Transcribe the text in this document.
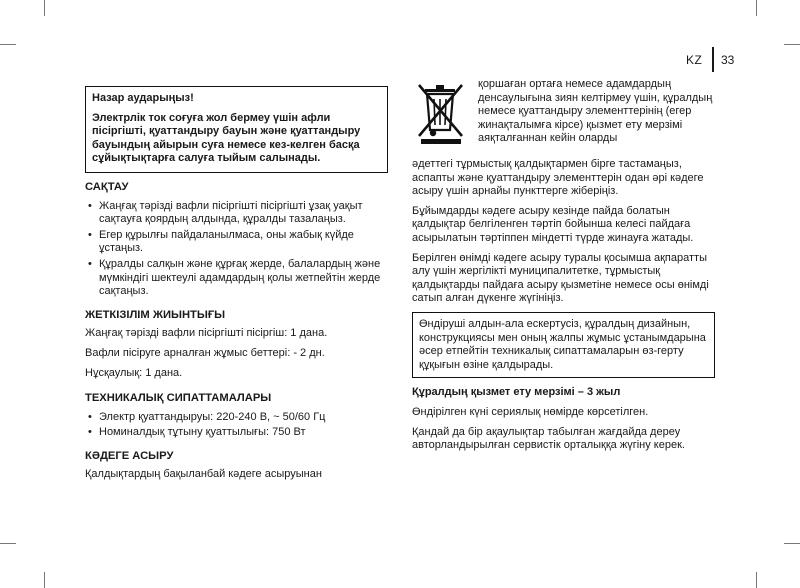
KZ 33
Назар аударыңыз!
Электрлік ток соғуға жол бермеу үшін афли пісіргішті, қуаттандыру бауын және қуаттандыру бауындың айырын суға немесе кез-келген басқа сұйықтықтарға салуға тыйым салынады.
САҚТАУ
• Жаңғақ тәрізді вафли пісіргішті пісіргішті ұзақ уақыт сақтауға қоярдың алдында, құралды тазалаңыз.
• Егер құрылғы пайдаланылмаса, оны жабық күйде ұстаңыз.
• Құралды салқын және құрғақ жерде, балалардың және мүмкіндігі шектеулі адамдардың қолы жетпейтін жерде сақтаңыз.
ЖЕТКІЗІЛІМ ЖИЫНТЫҒЫ

Жаңғақ тәрізді вафли пісіргішті пісіргіш: 1 дана.

Вафли пісіруге арналған жұмыс беттері: - 2 дн.

Нұсқаулық: 1 дана.

ТЕХНИКАЛЫҚ СИПАТТАМАЛАРЫ
• Электр қуаттандыруы: 220-240 В, ~ 50/60 Гц
• Номиналдық тұтыну қуаттылығы: 750 Вт
КӘДЕГЕ АСЫРУ

Қалдықтардың бақыланбай кәдеге асыруынан

қоршаған ортаға немесе адамдардың денсаулығына зиян келтірмеу үшін, құралдың немесе қуаттандыру элементтерінің (егер жинақталымға кірсе) қызмет ету мерзімі аяқталғаннан кейін оларды

әдеттегі тұрмыстық қалдықтармен бірге тастамаңыз, аспапты және қуаттандыру элементтерін одан әрі кәдеге асыру үшін арнайы пункттерге жіберіңіз.

Бұйымдарды кәдеге асыру кезінде пайда болатын қалдықтар белгіленген тәртіп бойынша келесі пайдаға асырылатын тәртіппен міндетті түрде жинауға жатады.

Берілген өнімді кәдеге асыру туралы қосымша ақпаратты алу үшін жергілікті муниципалитетке, тұрмыстық қалдықтарды пайдаға асыру қызметіне немесе осы өнімді сатып алған дүкенге жүгініңіз.

Өндіруші алдын-ала ескертусіз, құралдың дизайнын, конструкциясы мен оның жалпы жұмыс ұстанымдарына әсер етпейтін техникалық сипаттамаларын өз-герту құқығын өзіне қалдырады.

Құралдың қызмет ету мерзімі – 3 жыл

Өндірілген күні сериялық нөмірде көрсетілген.

Қандай да бір ақаулықтар табылған жағдайда дереу авторландырылған сервистік орталыққа жүгіну керек.
